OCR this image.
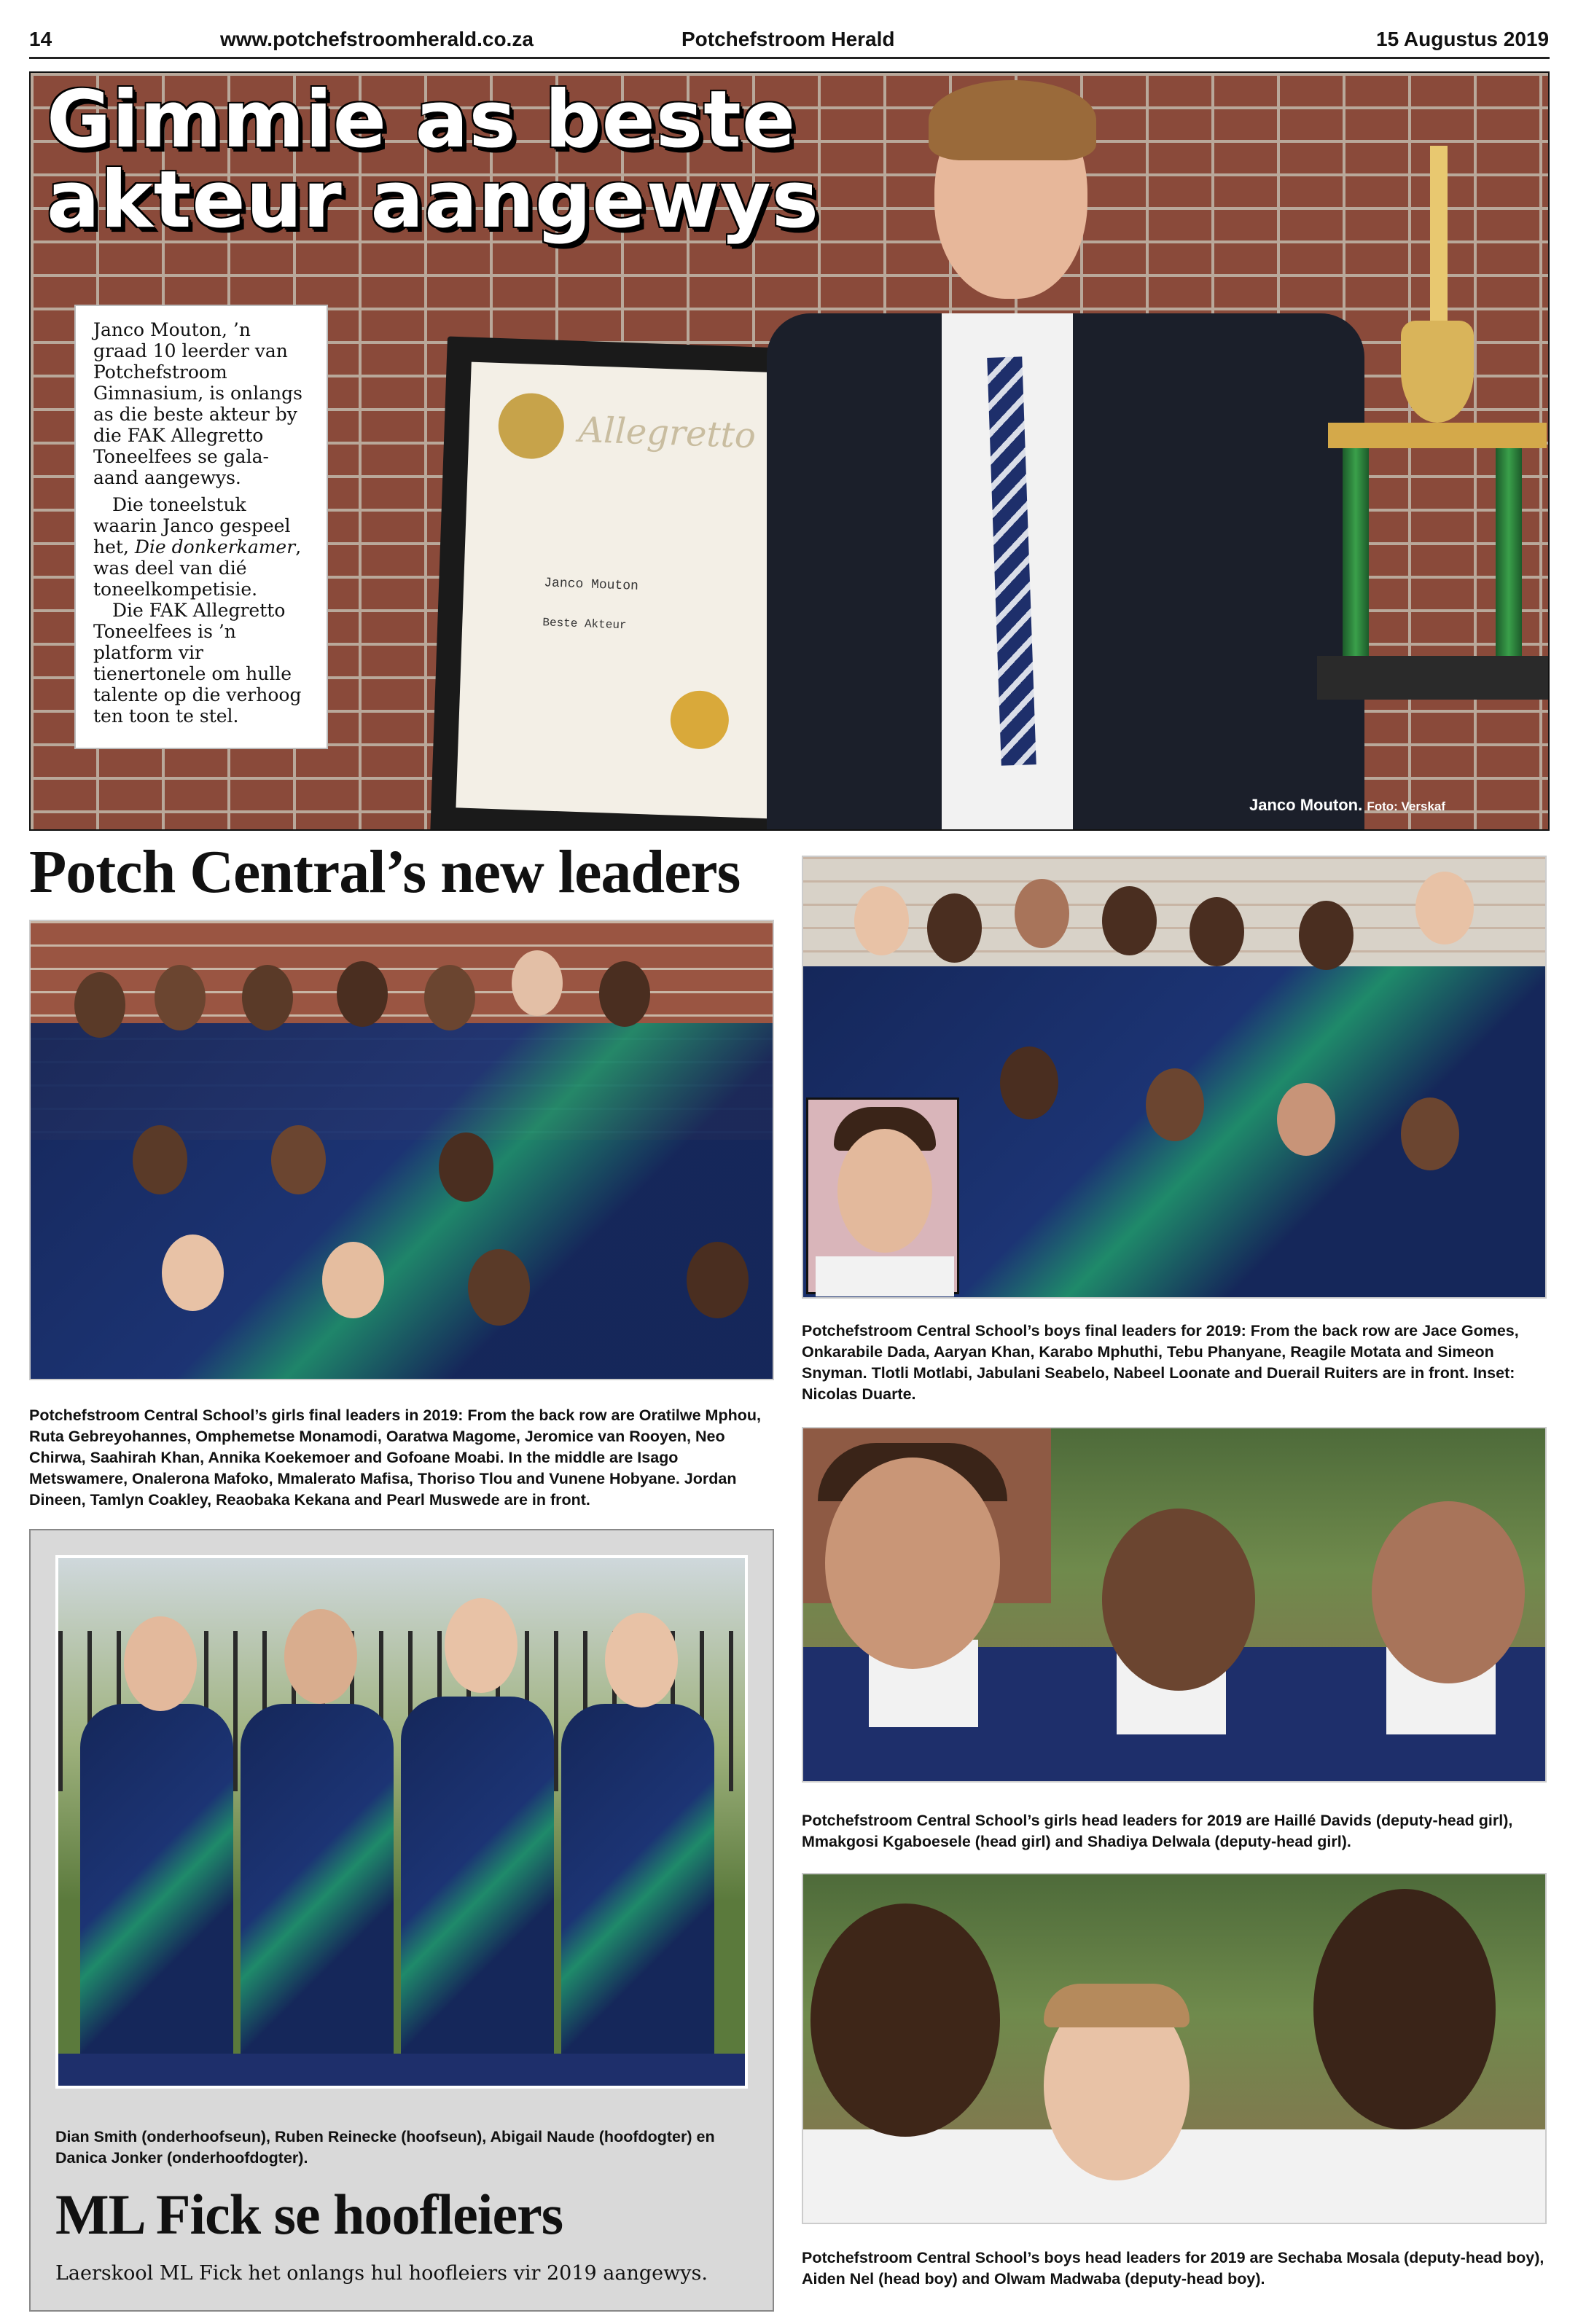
14	www.potchefstroomherald.co.za	Potchefstroom Herald	15 Augustus 2019
Allegretto
Janco Mouton
Beste Akteur
Gimmie as beste
akteur aangewys

Janco Mouton, ’n graad 10 leerder van Potchefstroom Gimnasium, is onlangs as die beste akteur by die FAK Allegretto Toneelfees se gala-aand aangewys.

Die toneelstuk waarin Janco gespeel het, Die donkerkamer, was deel van dié toneelkompetisie.

Die FAK Allegretto Toneelfees is ’n platform vir tienertonele om hulle talente op die verhoog ten toon te stel.

Janco Mouton. Foto: Verskaf
Potch Central’s new leaders
Potchefstroom Central School’s girls final leaders in 2019: From the back row are Oratilwe Mphou, Ruta Gebreyohannes, Omphemetse Monamodi, Oaratwa Magome, Jeromice van Rooyen, Neo Chirwa, Saahirah Khan, Annika Koekemoer and Gofoane Moabi. In the middle are Isago Metswamere, Onalerona Mafoko, Mmalerato Mafisa, Thoriso Tlou and Vunene Hobyane. Jordan Dineen, Tamlyn Coakley, Reaobaka Kekana and Pearl Muswede are in front.
Potchefstroom Central School’s boys final leaders for 2019: From the back row are Jace Gomes, Onkarabile Dada, Aaryan Khan, Karabo Mphuthi, Tebu Phanyane, Reagile Motata and Simeon Snyman. Tlotli Motlabi, Jabulani Seabelo, Nabeel Loonate and Duerail Ruiters are in front. Inset: Nicolas Duarte.
Potchefstroom Central School’s girls head leaders for 2019 are Haillé Davids (deputy-head girl), Mmakgosi Kgaboesele (head girl) and Shadiya Delwala (deputy-head girl).
Potchefstroom Central School’s boys head leaders for 2019 are Sechaba Mosala (deputy-head boy), Aiden Nel (head boy) and Olwam Madwaba (deputy-head boy).
Dian Smith (onderhoofseun), Ruben Reinecke (hoofseun), Abigail Naude (hoofdogter) en Danica Jonker (onderhoofdogter).
ML Fick se hoofleiers
Laerskool ML Fick het onlangs hul hoofleiers vir 2019 aangewys.
